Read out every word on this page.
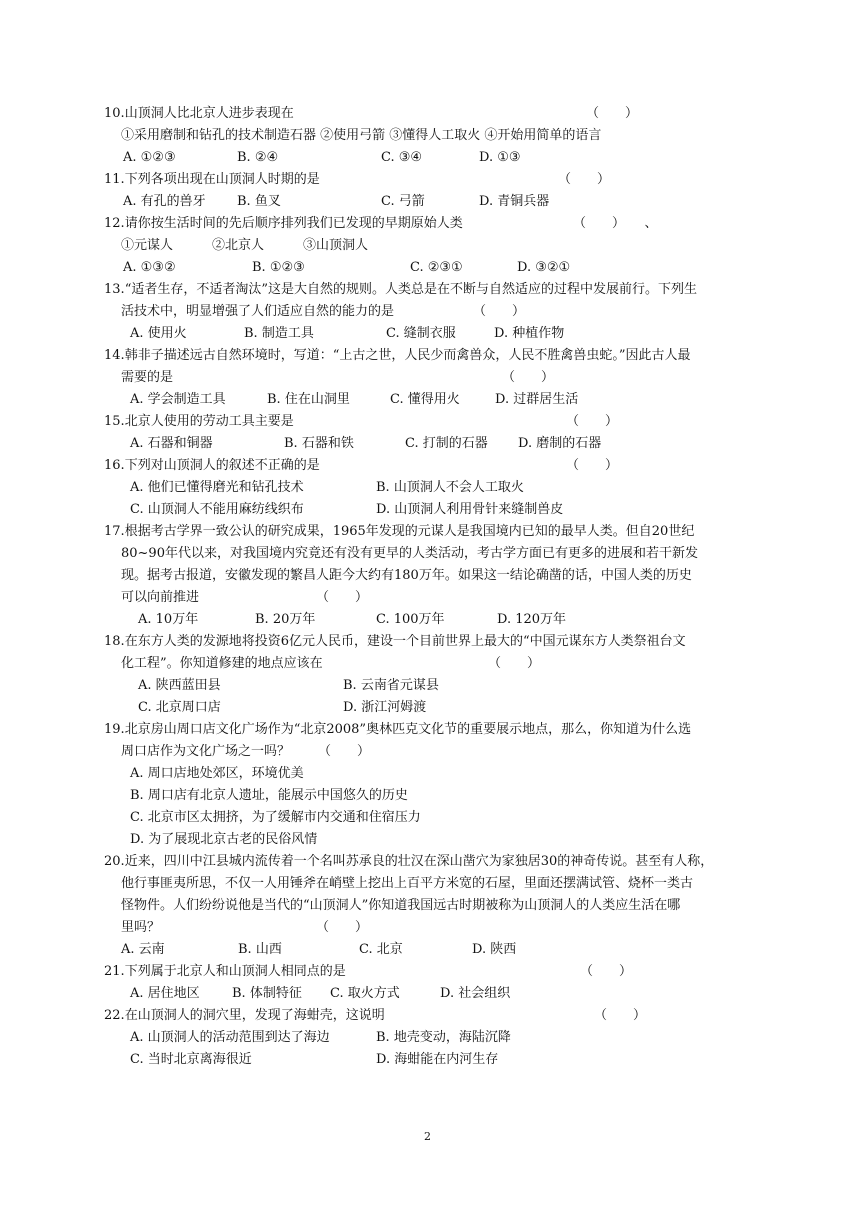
10.山顶洞人比北京人进步表现在	（　　）
①采用磨制和钻孔的技术制造石器 ②使用弓箭 ③懂得人工取火 ④开始用简单的语言
A. ①②③	B. ②④	C. ③④	D. ①③
11.下列各项出现在山顶洞人时期的是	（　　）
A. 有孔的兽牙 B. 鱼叉	C. 弓箭	D. 青铜兵器
12.请你按生活时间的先后顺序排列我们已发现的早期原始人类	（　　）　　、
①元谋人　　　②北京人　　　③山顶洞人
A. ①③②	B. ①②③	C. ②③①	D. ③②①
13.“适者生存，不适者淘汰”这是大自然的规则。人类总是在不断与自然适应的过程中发展前行。下列生
活技术中，明显增强了人们适应自然的能力的是	（　　）
A. 使用火	B. 制造工具	C. 缝制衣服	D. 种植作物
14.韩非子描述远古自然环境时，写道：“上古之世，人民少而禽兽众，人民不胜禽兽虫蛇。”因此古人最
需要的是	（　　）
A. 学会制造工具	B. 住在山洞里	C. 懂得用火	D. 过群居生活
15.北京人使用的劳动工具主要是	（　　）
A. 石器和铜器	B. 石器和铁	C. 打制的石器 D. 磨制的石器
16.下列对山顶洞人的叙述不正确的是	（　　）
A. 他们已懂得磨光和钻孔技术	B. 山顶洞人不会人工取火
C. 山顶洞人不能用麻纺线织布	D. 山顶洞人利用骨针来缝制兽皮
17.根据考古学界一致公认的研究成果，1965年发现的元谋人是我国境内已知的最早人类。但自20世纪
80~90年代以来，对我国境内究竟还有没有更早的人类活动，考古学方面已有更多的进展和若干新发
现。据考古报道，安徽发现的繁昌人距今大约有180万年。如果这一结论确凿的话，中国人类的历史
可以向前推进	（　　）
A. 10万年	B. 20万年	C. 100万年	D. 120万年
18.在东方人类的发源地将投资6亿元人民币，建设一个目前世界上最大的“中国元谋东方人类祭祖台文
化工程”。你知道修建的地点应该在	（　　）
A. 陕西蓝田县	B. 云南省元谋县
C. 北京周口店	D. 浙江河姆渡
19.北京房山周口店文化广场作为“北京2008”奥林匹克文化节的重要展示地点，那么，你知道为什么选
周口店作为文化广场之一吗？ （　　）
A. 周口店地处郊区，环境优美
B. 周口店有北京人遗址，能展示中国悠久的历史
C. 北京市区太拥挤，为了缓解市内交通和住宿压力
D. 为了展现北京古老的民俗风情
20.近来，四川中江县城内流传着一个名叫苏承良的壮汉在深山凿穴为家独居30的神奇传说。甚至有人称，
他行事匪夷所思，不仅一人用锤斧在峭壁上挖出上百平方米宽的石屋，里面还摆满试管、烧杯一类古
怪物件。人们纷纷说他是当代的“山顶洞人”你知道我国远古时期被称为山顶洞人的人类应生活在哪
里吗？	（　　）
A. 云南	B. 山西	C. 北京	D. 陕西
21.下列属于北京人和山顶洞人相同点的是	（　　）
A. 居住地区 B. 体制特征 C. 取火方式	D. 社会组织
22.在山顶洞人的洞穴里，发现了海蚶壳，这说明	（　　）
A. 山顶洞人的活动范围到达了海边	B. 地壳变动，海陆沉降
C. 当时北京离海很近	D. 海蚶能在内河生存
2
